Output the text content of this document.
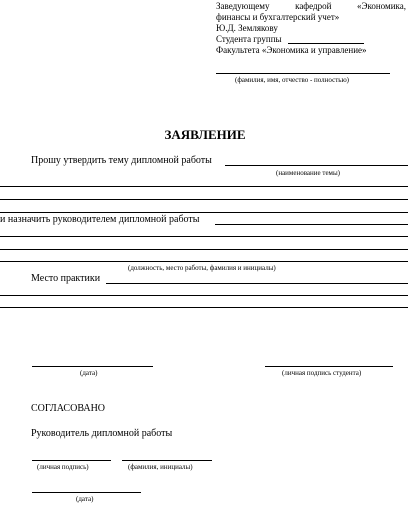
Заведующему	кафедрой	«Экономика,
финансы и бухгалтерский учет»
Ю.Д. Землякову
Студента группы
Факультета «Экономика и управление»
(фамилия, имя, отчество - полностью)
ЗАЯВЛЕНИЕ
Прошу утвердить тему дипломной работы
(наименование темы)
и назначить руководителем дипломной работы
(должность, место работы, фамилия и инициалы)
Место практики
(дата)	(личная подпись студента)
СОГЛАСОВАНО
Руководитель дипломной работы
(личная подпись)	(фамилия, инициалы)
(дата)
